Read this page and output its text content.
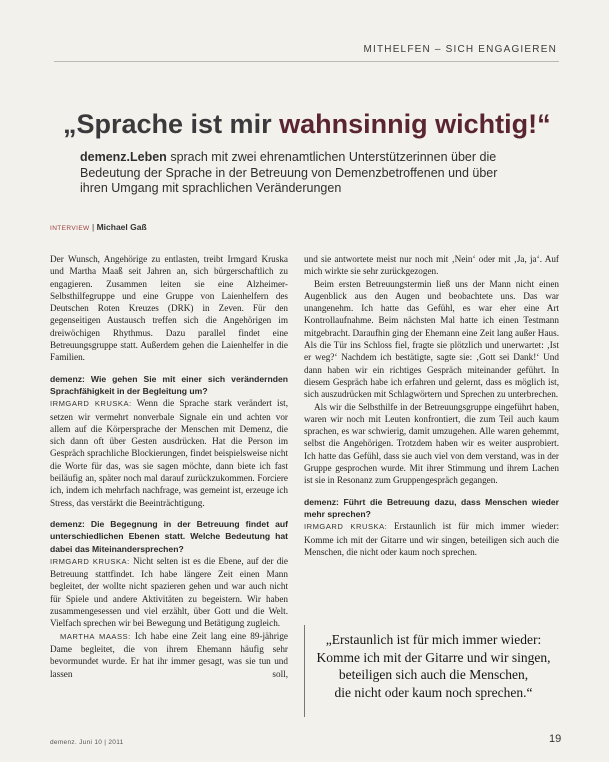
MITHELFEN – SICH ENGAGIEREN
„Sprache ist mir wahnsinnig wichtig!“

demenz.Leben sprach mit zwei ehrenamtlichen Unterstützerinnen über die Bedeutung der Sprache in der Betreuung von Demenzbetroffenen und über ihren Umgang mit sprachlichen Veränderungen

INTERVIEW | Michael Gaß

Der Wunsch, Angehörige zu entlasten, treibt Irmgard Kruska und Martha Maaß seit Jahren an, sich bürgerschaftlich zu engagieren. Zusammen leiten sie eine Alzheimer-Selbsthilfegruppe und eine Gruppe von Laienhelfern des Deutschen Roten Kreuzes (DRK) in Zeven. Für den gegenseitigen Austausch treffen sich die Angehörigen im dreiwöchigen Rhythmus. Dazu parallel findet eine Betreuungsgruppe statt. Außerdem gehen die Laienhelfer in die Familien.

demenz: Wie gehen Sie mit einer sich verändernden Sprachfähigkeit in der Begleitung um?

IRMGARD KRUSKA: Wenn die Sprache stark verändert ist, setzen wir vermehrt nonverbale Signale ein und achten vor allem auf die Körpersprache der Menschen mit Demenz, die sich dann oft über Gesten ausdrücken. Hat die Person im Gespräch sprachliche Blockierungen, findet beispielsweise nicht die Worte für das, was sie sagen möchte, dann biete ich fast beiläufig an, später noch mal darauf zurückzukommen. Forciere ich, indem ich mehrfach nachfrage, was gemeint ist, erzeuge ich Stress, das verstärkt die Beeinträchtigung.

demenz: Die Begegnung in der Betreuung findet auf unterschiedlichen Ebenen statt. Welche Bedeutung hat dabei das Miteinandersprechen?

IRMGARD KRUSKA: Nicht selten ist es die Ebene, auf der die Betreuung stattfindet. Ich habe längere Zeit einen Mann begleitet, der wollte nicht spazieren gehen und war auch nicht für Spiele und andere Aktivitäten zu begeistern. Wir haben zusammengesessen und viel erzählt, über Gott und die Welt. Vielfach sprechen wir bei Bewegung und Betätigung zugleich.

MARTHA MAASS: Ich habe eine Zeit lang eine 89-jährige Dame begleitet, die von ihrem Ehemann häufig sehr bevormundet wurde. Er hat ihr immer gesagt, was sie tun und lassen soll,

und sie antwortete meist nur noch mit ‚Nein‘ oder mit ‚Ja, ja‘. Auf mich wirkte sie sehr zurückgezogen.

Beim ersten Betreuungstermin ließ uns der Mann nicht einen Augenblick aus den Augen und beobachtete uns. Das war unangenehm. Ich hatte das Gefühl, es war eher eine Art Kontrollaufnahme. Beim nächsten Mal hatte ich einen Testmann mitgebracht. Daraufhin ging der Ehemann eine Zeit lang außer Haus. Als die Tür ins Schloss fiel, fragte sie plötzlich und unerwartet: ‚Ist er weg?‘ Nachdem ich bestätigte, sagte sie: ‚Gott sei Dank!‘ Und dann haben wir ein richtiges Gespräch miteinander geführt. In diesem Gespräch habe ich erfahren und gelernt, dass es möglich ist, sich auszudrücken mit Schlagwörtern und Sprechen zu unterbrechen.

Als wir die Selbsthilfe in der Betreuungsgruppe eingeführt haben, waren wir noch mit Leuten konfrontiert, die zum Teil auch kaum sprachen, es war schwierig, damit umzugehen. Alle waren gehemmt, selbst die Angehörigen. Trotzdem haben wir es weiter ausprobiert. Ich hatte das Gefühl, dass sie auch viel von dem verstand, was in der Gruppe gesprochen wurde. Mit ihrer Stimmung und ihrem Lachen ist sie in Resonanz zum Gruppengespräch gegangen.

demenz: Führt die Betreuung dazu, dass Menschen wieder mehr sprechen?

IRMGARD KRUSKA: Erstaunlich ist für mich immer wieder: Komme ich mit der Gitarre und wir singen, beteiligen sich auch die Menschen, die nicht oder kaum noch sprechen.

„Erstaunlich ist für mich immer wieder:
Komme ich mit der Gitarre und wir singen,
beteiligen sich auch die Menschen,
die nicht oder kaum noch sprechen.“
demenz. Juni 10 | 2011	19
